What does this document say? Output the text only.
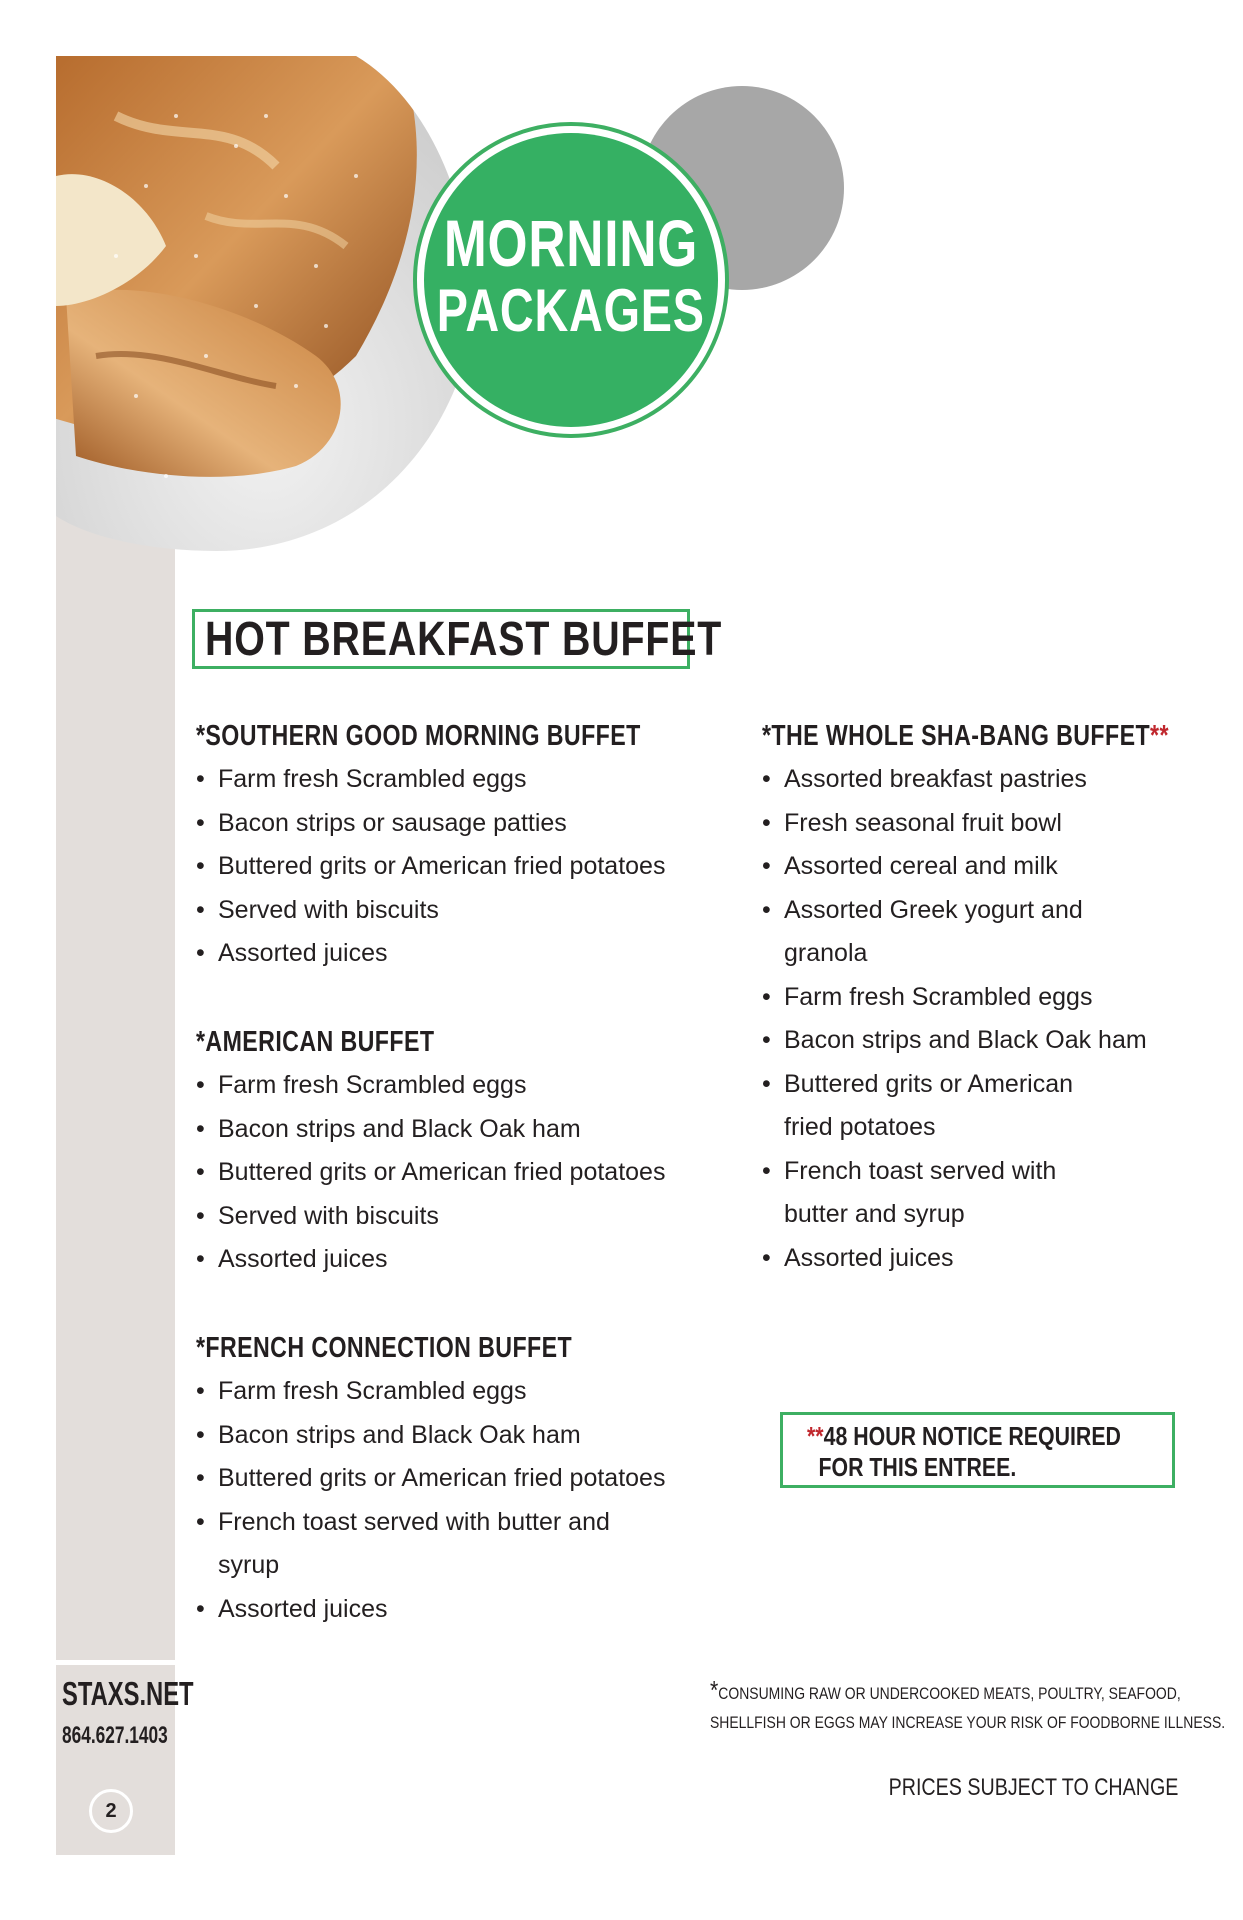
MORNING
PACKAGES
HOT BREAKFAST BUFFET
*SOUTHERN GOOD MORNING BUFFET
• Farm fresh Scrambled eggs
• Bacon strips or sausage patties
• Buttered grits or American fried potatoes
• Served with biscuits
• Assorted juices
*AMERICAN BUFFET
• Farm fresh Scrambled eggs
• Bacon strips and Black Oak ham
• Buttered grits or American fried potatoes
• Served with biscuits
• Assorted juices
*FRENCH CONNECTION BUFFET
• Farm fresh Scrambled eggs
• Bacon strips and Black Oak ham
• Buttered grits or American fried potatoes
• French toast served with butter and syrup
• Assorted juices
*THE WHOLE SHA-BANG BUFFET**
• Assorted breakfast pastries
• Fresh seasonal fruit bowl
• Assorted cereal and milk
• Assorted Greek yogurt and granola
• Farm fresh Scrambled eggs
• Bacon strips and Black Oak ham
• Buttered grits or American fried potatoes
• French toast served with butter and syrup
• Assorted juices
**48 HOUR NOTICE REQUIRED
FOR THIS ENTREE.
*CONSUMING RAW OR UNDERCOOKED MEATS, POULTRY, SEAFOOD,
SHELLFISH OR EGGS MAY INCREASE YOUR RISK OF FOODBORNE ILLNESS.
PRICES SUBJECT TO CHANGE
STAXS.NET
864.627.1403
2
